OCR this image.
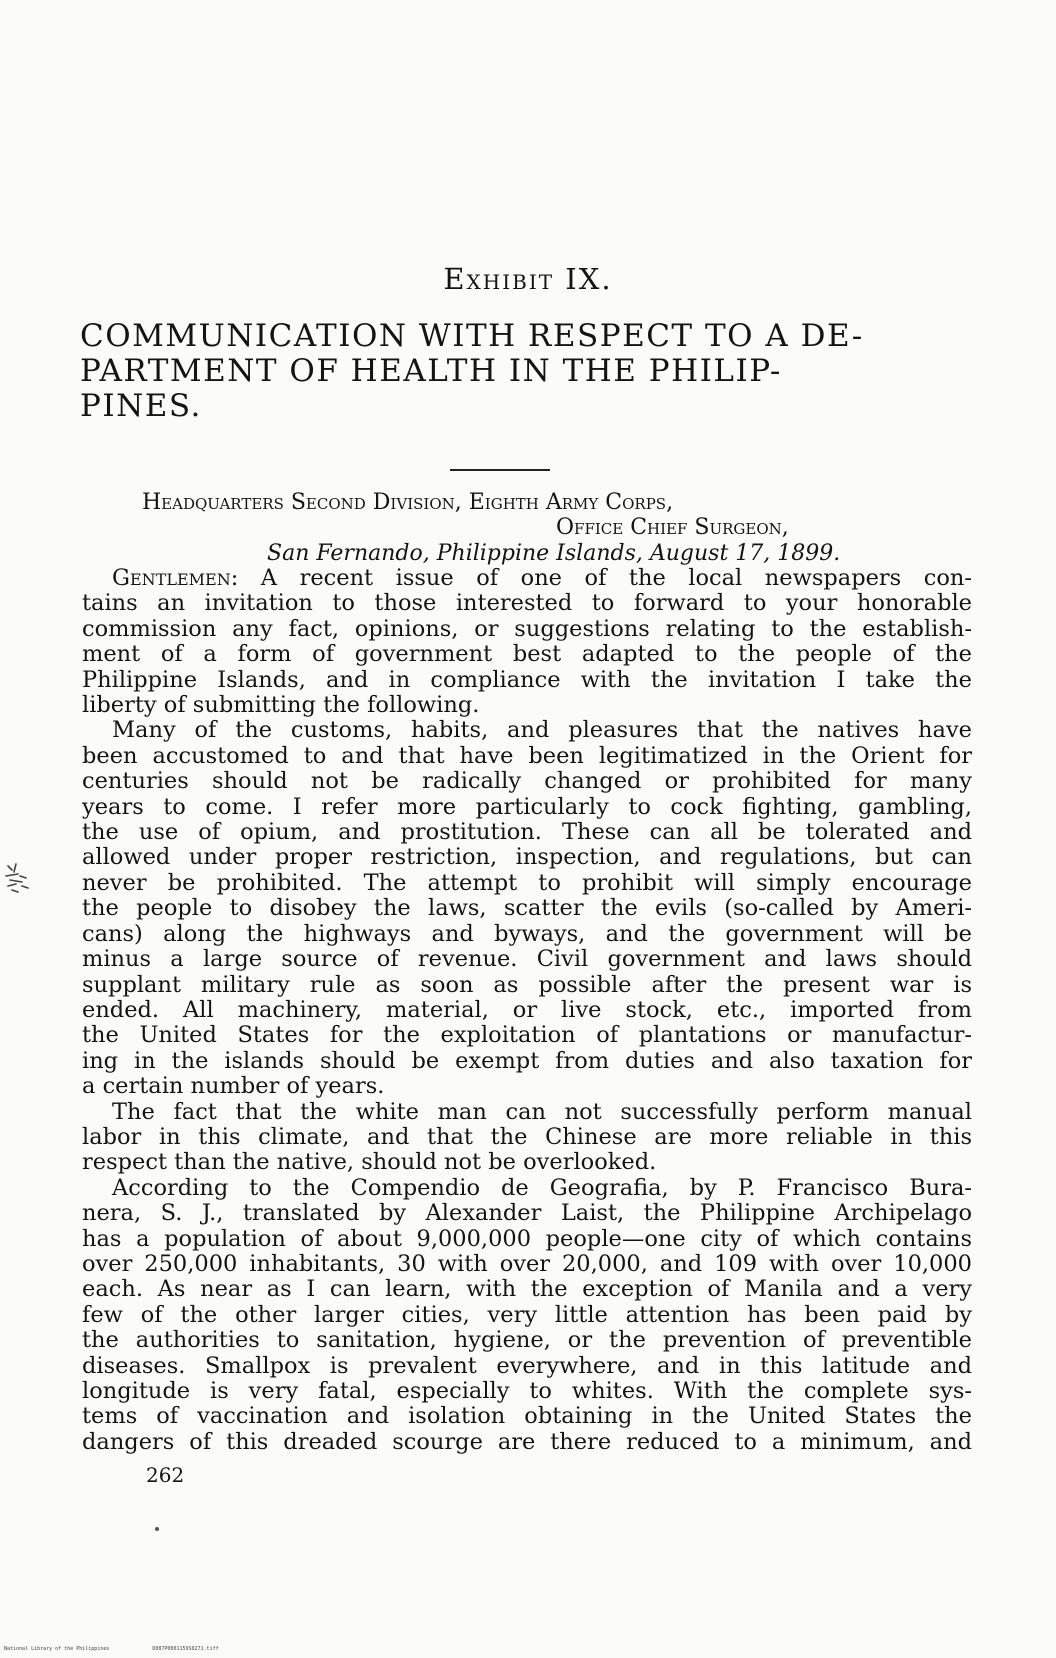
Exhibit IX.
COMMUNICATION WITH RESPECT TO A DE-
PARTMENT OF HEALTH IN THE PHILIP-
PINES.
Headquarters Second Division, Eighth Army Corps,
Office Chief Surgeon,
San Fernando, Philippine Islands, August 17, 1899.

Gentlemen: A recent issue of one of the local newspapers con-
tains an invitation to those interested to forward to your honorable
commission any fact, opinions, or suggestions relating to the establish-
ment of a form of government best adapted to the people of the
Philippine Islands, and in compliance with the invitation I take the
liberty of submitting the following.

Many of the customs, habits, and pleasures that the natives have
been accustomed to and that have been legitimatized in the Orient for
centuries should not be radically changed or prohibited for many
years to come. I refer more particularly to cock fighting, gambling,
the use of opium, and prostitution. These can all be tolerated and
allowed under proper restriction, inspection, and regulations, but can
never be prohibited. The attempt to prohibit will simply encourage
the people to disobey the laws, scatter the evils (so-called by Ameri-
cans) along the highways and byways, and the government will be
minus a large source of revenue. Civil government and laws should
supplant military rule as soon as possible after the present war is
ended. All machinery, material, or live stock, etc., imported from
the United States for the exploitation of plantations or manufactur-
ing in the islands should be exempt from duties and also taxation for
a certain number of years.

The fact that the white man can not successfully perform manual
labor in this climate, and that the Chinese are more reliable in this
respect than the native, should not be overlooked.

According to the Compendio de Geografia, by P. Francisco Bura-
nera, S. J., translated by Alexander Laist, the Philippine Archipelago
has a population of about 9,000,000 people—one city of which contains
over 250,000 inhabitants, 30 with over 20,000, and 109 with over 10,000
each. As near as I can learn, with the exception of Manila and a very
few of the other larger cities, very little attention has been paid by
the authorities to sanitation, hygiene, or the prevention of preventible
diseases. Smallpox is prevalent everywhere, and in this latitude and
longitude is very fatal, especially to whites. With the complete sys-
tems of vaccination and isolation obtaining in the United States the
dangers of this dreaded scourge are there reduced to a minimum, and

262
National Library of the Philippines	D087P0001159S0271.tiff
